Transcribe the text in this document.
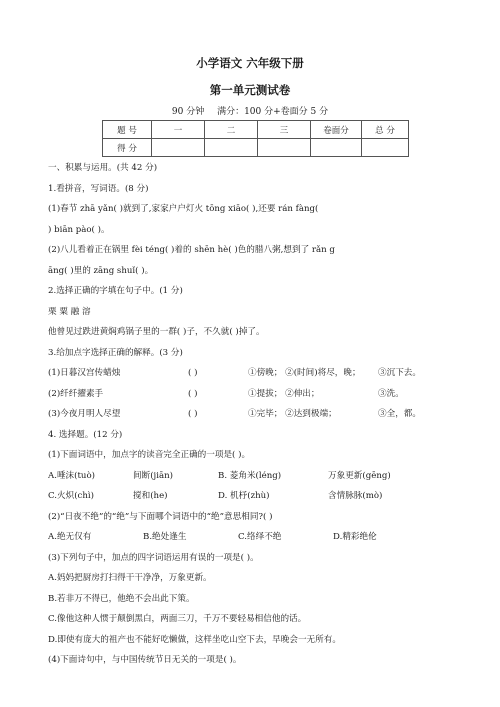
小学语文 六年级下册
第一单元测试卷
90 分钟 满分：100 分+卷面分 5 分
题 号	一	二	三	卷面分	总 分
得 分					
一、积累与运用。(共 42 分)
1.看拼音，写词语。(8 分)
(1)春节 zhā yǎn( )就到了,家家户户灯火 tōng xiāo( ),还要 rán fàng(
) biān pào( )。
(2)八儿看着正在锅里 fèi téng( )着的 shēn hè( )色的腊八粥,想到了 rǎn g
āng( )里的 zāng shuǐ( )。
2.选择正确的字填在句子中。(1 分)
栗 粟 融 溶
他曾见过跌进黄焖鸡锅子里的一群( )子，不久就( )掉了。
3.给加点字选择正确的解释。(3 分)
(1)日暮汉宫传蜡烛	( )	①傍晚； ②(时间)将尽，晚；	③沉下去。
(2)纤纤擢素手	( )	①提拔； ②伸出；	③洗。
(3)今夜月明人尽望	( )	①完毕； ②达到极端；	③全，都。
4. 选择题。(12 分)
(1)下面词语中，加点字的读音完全正确的一项是( )。
A.唾沫(tuò)	间断(jiān)	B. 菱角米(léng)	万象更新(gēng)
C.火炽(chì)	搅和(he)	D. 机杼(zhù)	含情脉脉(mò)
(2)“日夜不绝”的“绝”与下面哪个词语中的“绝”意思相同?( )
A.绝无仅有	B.绝处逢生	C.络绎不绝	D.精彩绝伦
(3)下列句子中，加点的四字词语运用有误的一项是( )。
A.妈妈把厨房打扫得干干净净，万象更新。
B.若非万不得已，他绝不会出此下策。
C.像他这种人惯于颠倒黑白，两面三刀，千万不要轻易相信他的话。
D.即使有庞大的祖产也不能好吃懒做，这样坐吃山空下去，早晚会一无所有。
(4)下面诗句中，与中国传统节日无关的一项是( )。
